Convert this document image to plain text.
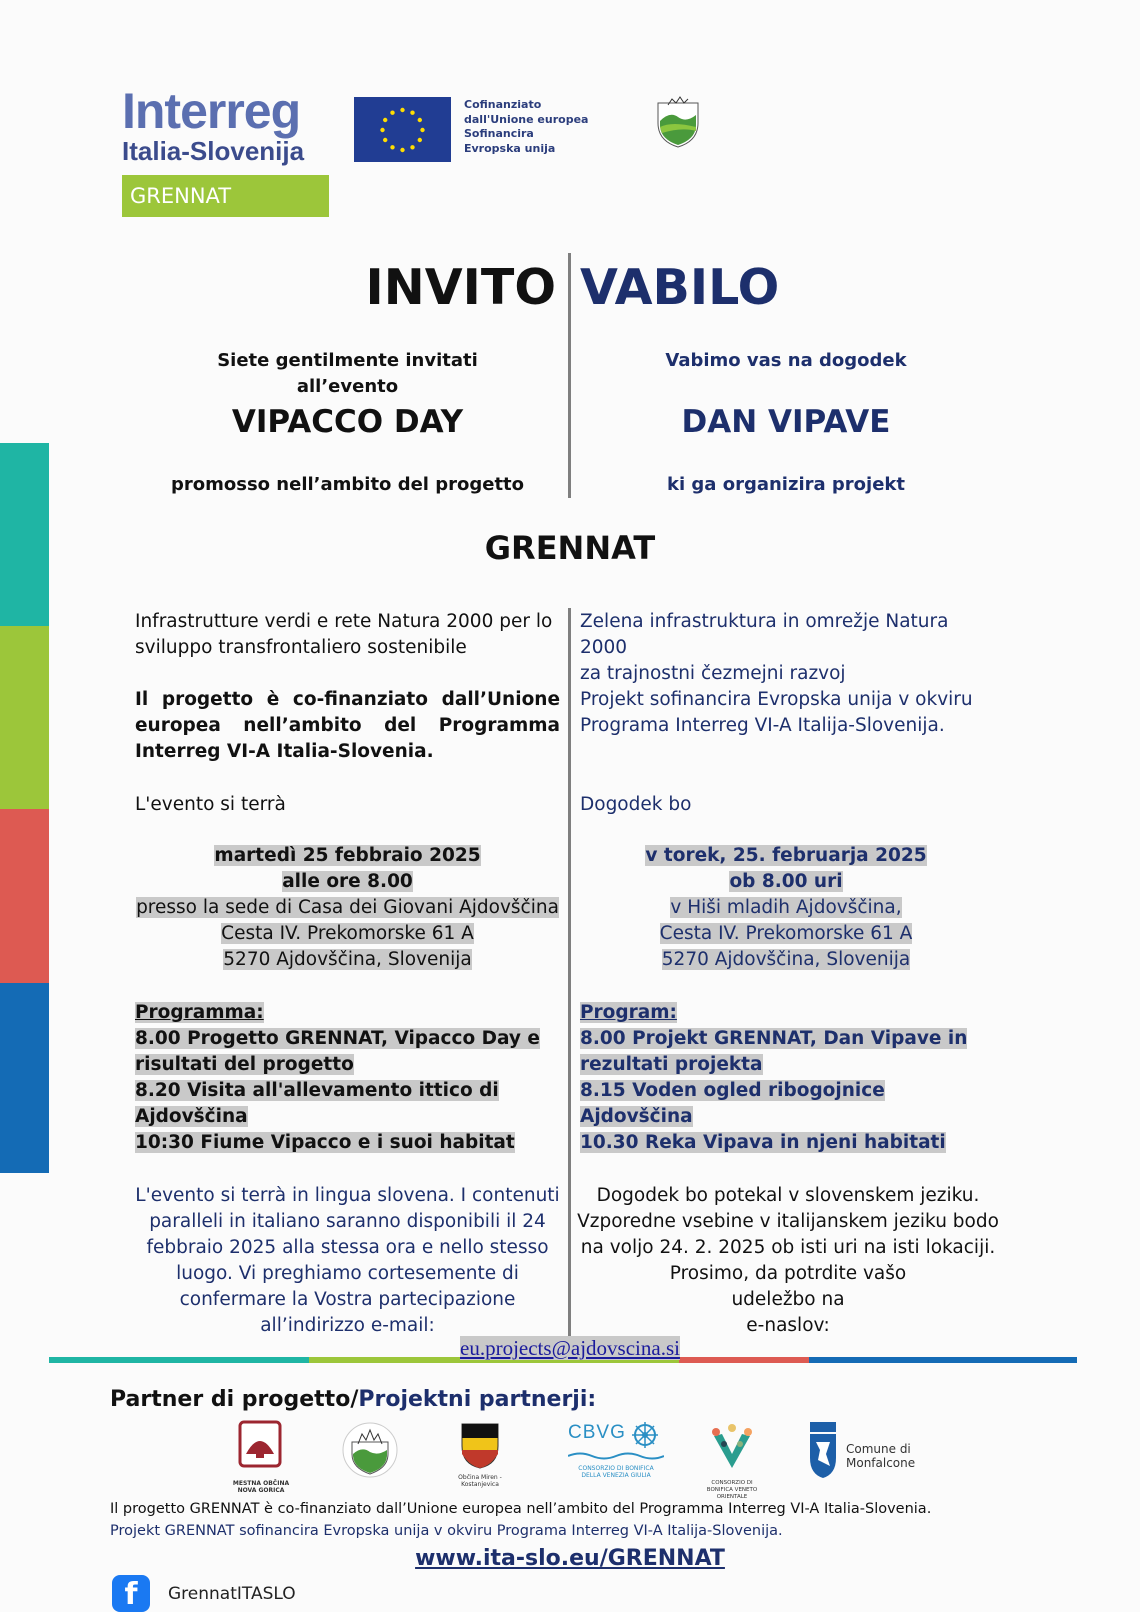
Interreg
Italia-Slovenija
GRENNAT
Cofinanziato
dall'Unione europea
Sofinancira
Evropska unija
INVITO VABILO
Siete gentilmente invitati
all’evento
VIPACCO DAY
promosso nell’ambito del progetto
Vabimo vas na dogodek
DAN VIPAVE
ki ga organizira projekt
GRENNAT
Infrastrutture verdi e rete Natura 2000 per lo
sviluppo transfrontaliero sostenibile
Il progetto è co-finanziato dall’Unione europea nell’ambito del Programma Interreg VI-A Italia-Slovenia.
L'evento si terrà
martedì 25 febbraio 2025
alle ore 8.00
presso la sede di Casa dei Giovani Ajdovščina
Cesta IV. Prekomorske 61 A
5270 Ajdovščina, Slovenija
Programma:
8.00 Progetto GRENNAT, Vipacco Day e
risultati del progetto
8.20 Visita all'allevamento ittico di
Ajdovščina
10:30 Fiume Vipacco e i suoi habitat
L'evento si terrà in lingua slovena. I contenuti
paralleli in italiano saranno disponibili il 24
febbraio 2025 alla stessa ora e nello stesso
luogo. Vi preghiamo cortesemente di
confermare la Vostra partecipazione
all’indirizzo e-mail:
Zelena infrastruktura in omrežje Natura 2000
za trajnostni čezmejni razvoj
Projekt sofinancira Evropska unija v okviru
Programa Interreg VI-A Italija-Slovenija.
Dogodek bo
v torek, 25. februarja 2025
ob 8.00 uri
v Hiši mladih Ajdovščina,
Cesta IV. Prekomorske 61 A
5270 Ajdovščina, Slovenija
Program:
8.00 Projekt GRENNAT, Dan Vipave in
rezultati projekta
8.15 Voden ogled ribogojnice Ajdovščina
10.30 Reka Vipava in njeni habitati
Dogodek bo potekal v slovenskem jeziku.
Vzporedne vsebine v italijanskem jeziku bodo
na voljo 24. 2. 2025 ob isti uri na isti lokaciji.
Prosimo, da potrdite vašo
udeležbo na
e-naslov:
eu.projects@ajdovscina.si
Partner di progetto/Projektni partnerji:
MESTNA OBČINA NOVA GORICA
Občina Miren - Kostanjevica
CBVG
CONSORZIO DI BONIFICA DELLA VENEZIA GIULIA
CONSORZIO DI BONIFICA VENETO ORIENTALE
Comune di Monfalcone
Il progetto GRENNAT è co-finanziato dall’Unione europea nell’ambito del Programma Interreg VI-A Italia-Slovenia.
Projekt GRENNAT sofinancira Evropska unija v okviru Programa Interreg VI-A Italija-Slovenija.
www.ita-slo.eu/GRENNAT
f	GrennatITASLO
